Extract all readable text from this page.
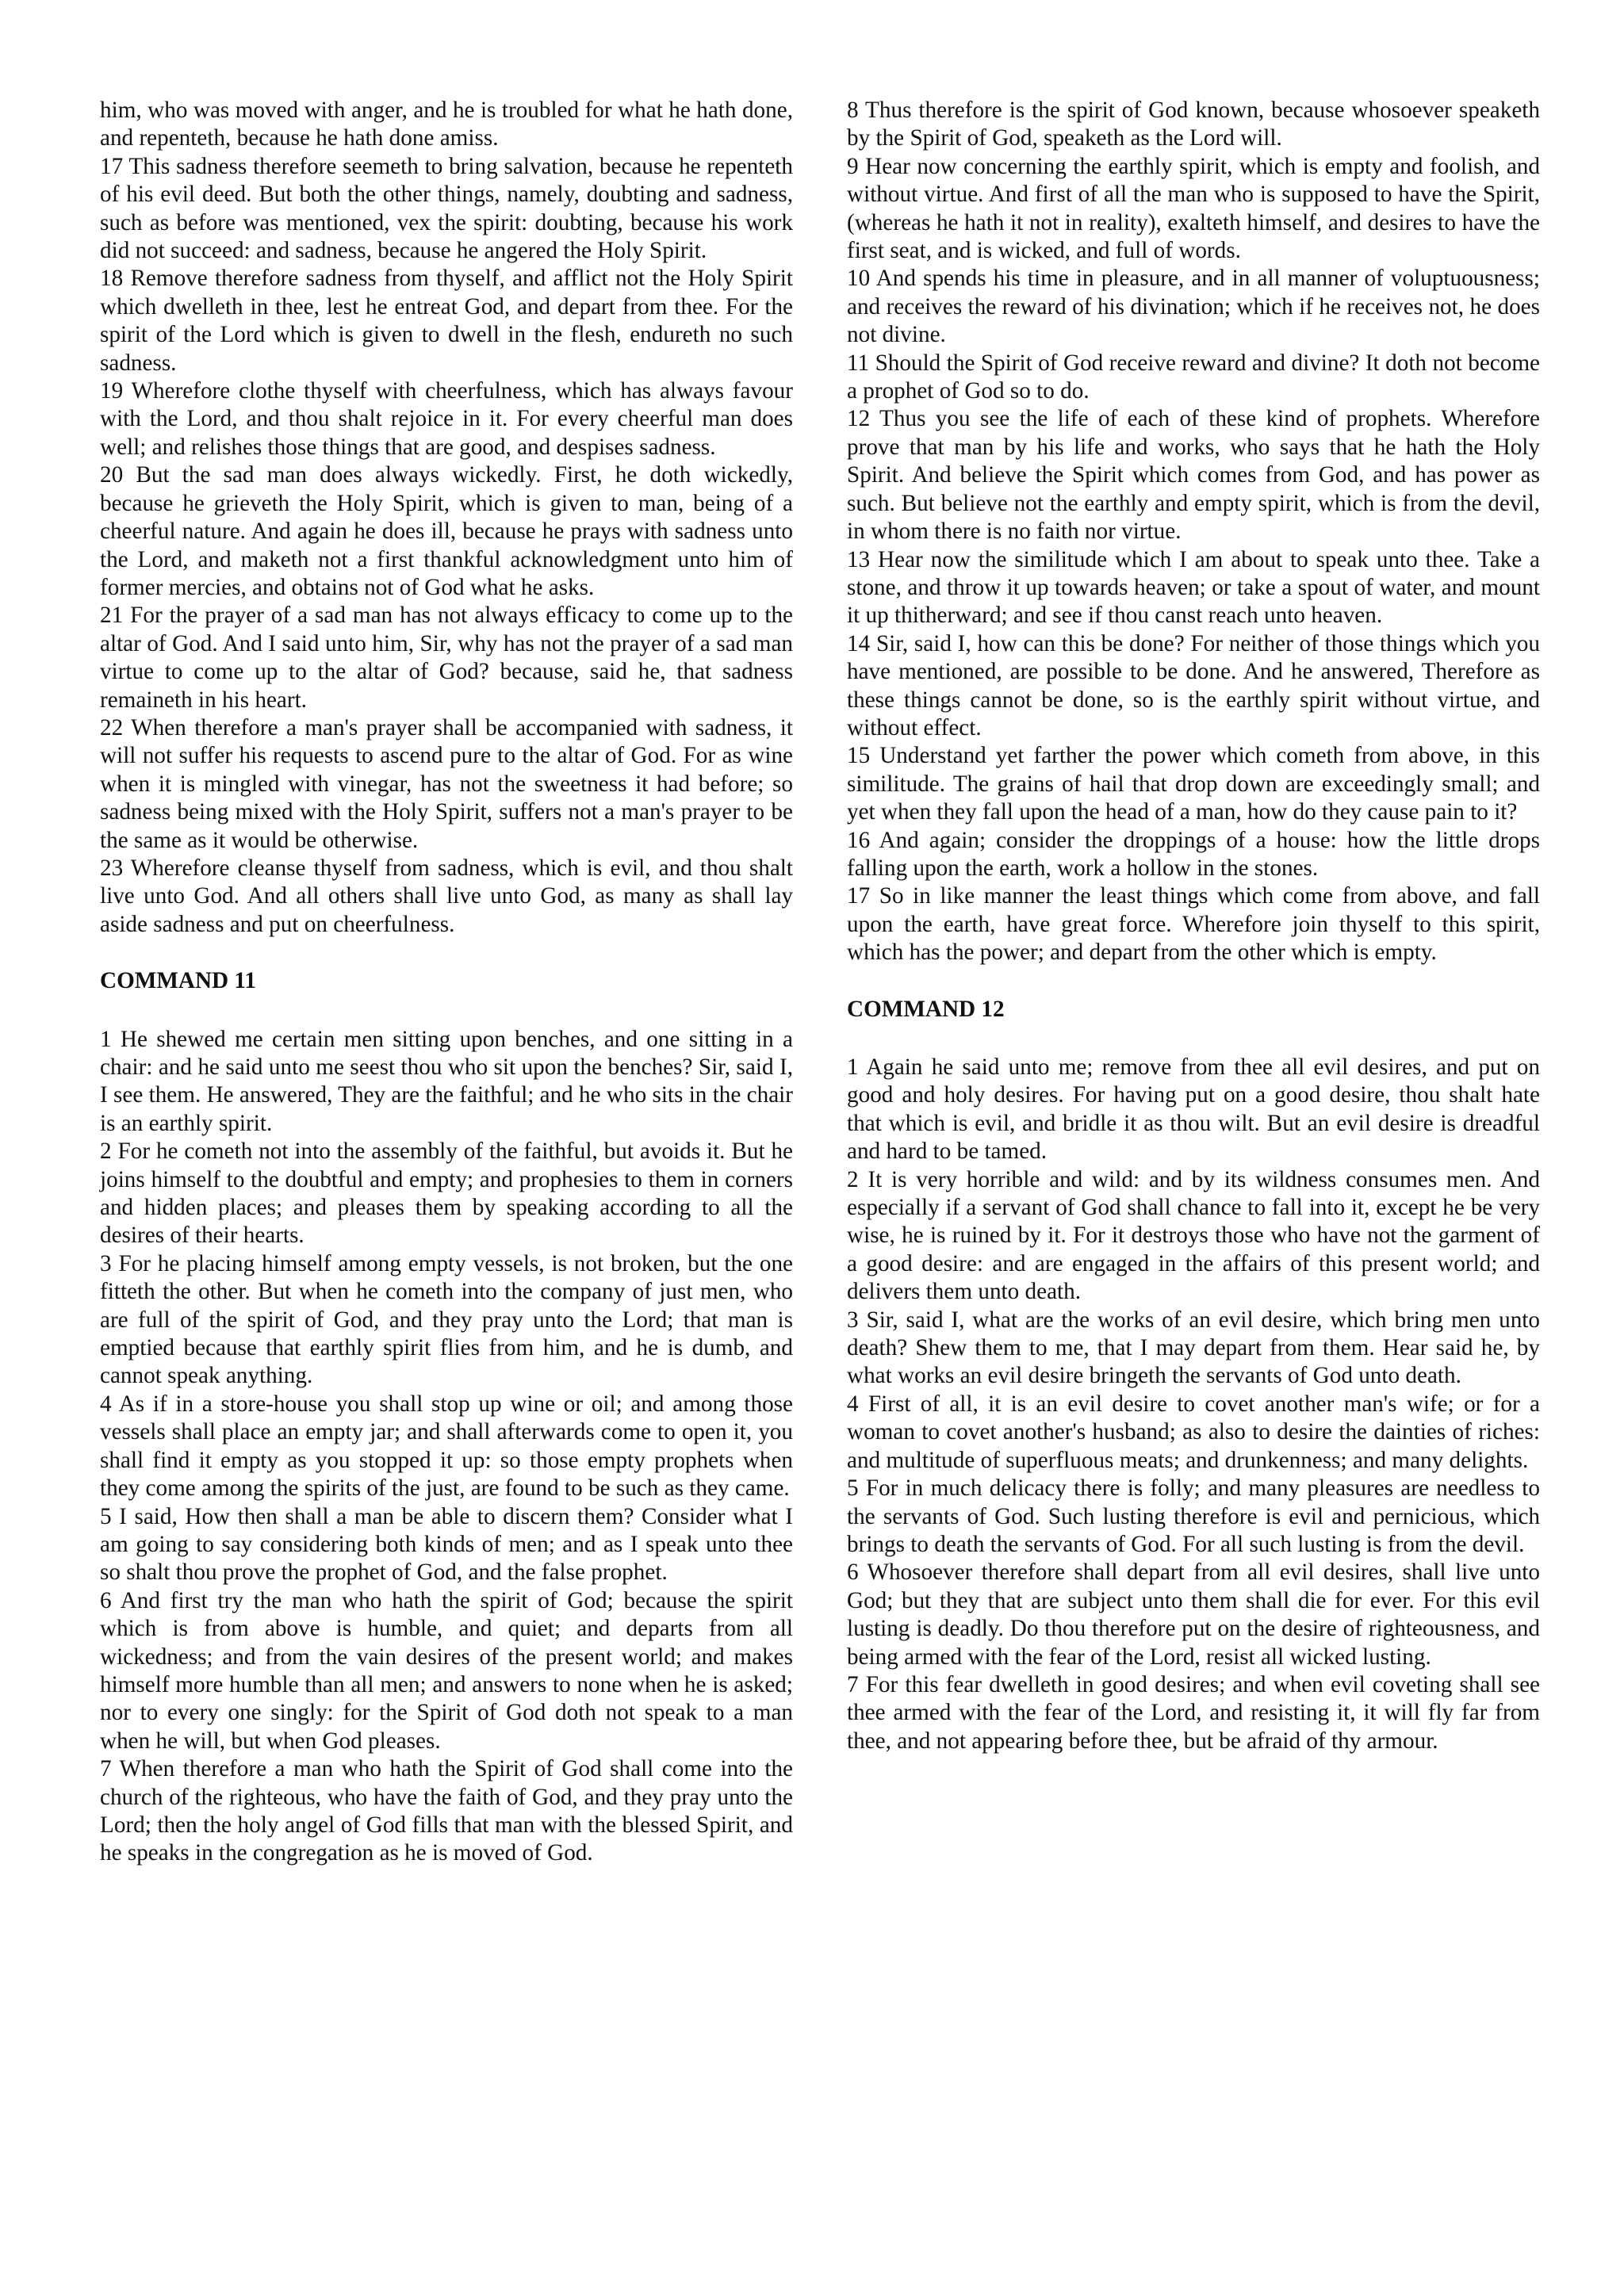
him, who was moved with anger, and he is troubled for what he hath done, and repenteth, because he hath done amiss.

17 This sadness therefore seemeth to bring salvation, because he repenteth of his evil deed. But both the other things, namely, doubting and sadness, such as before was mentioned, vex the spirit: doubting, because his work did not succeed: and sadness, because he angered the Holy Spirit.

18 Remove therefore sadness from thyself, and afflict not the Holy Spirit which dwelleth in thee, lest he entreat God, and depart from thee. For the spirit of the Lord which is given to dwell in the flesh, endureth no such sadness.

19 Wherefore clothe thyself with cheerfulness, which has always favour with the Lord, and thou shalt rejoice in it. For every cheerful man does well; and relishes those things that are good, and despises sadness.

20 But the sad man does always wickedly. First, he doth wickedly, because he grieveth the Holy Spirit, which is given to man, being of a cheerful nature. And again he does ill, because he prays with sadness unto the Lord, and maketh not a first thankful acknowledgment unto him of former mercies, and obtains not of God what he asks.

21 For the prayer of a sad man has not always efficacy to come up to the altar of God. And I said unto him, Sir, why has not the prayer of a sad man virtue to come up to the altar of God? because, said he, that sadness remaineth in his heart.

22 When therefore a man's prayer shall be accompanied with sadness, it will not suffer his requests to ascend pure to the altar of God. For as wine when it is mingled with vinegar, has not the sweetness it had before; so sadness being mixed with the Holy Spirit, suffers not a man's prayer to be the same as it would be otherwise.

23 Wherefore cleanse thyself from sadness, which is evil, and thou shalt live unto God. And all others shall live unto God, as many as shall lay aside sadness and put on cheerfulness.

COMMAND 11

1 He shewed me certain men sitting upon benches, and one sitting in a chair: and he said unto me seest thou who sit upon the benches? Sir, said I, I see them. He answered, They are the faithful; and he who sits in the chair is an earthly spirit.

2 For he cometh not into the assembly of the faithful, but avoids it. But he joins himself to the doubtful and empty; and prophesies to them in corners and hidden places; and pleases them by speaking according to all the desires of their hearts.

3 For he placing himself among empty vessels, is not broken, but the one fitteth the other. But when he cometh into the company of just men, who are full of the spirit of God, and they pray unto the Lord; that man is emptied because that earthly spirit flies from him, and he is dumb, and cannot speak anything.

4 As if in a store-house you shall stop up wine or oil; and among those vessels shall place an empty jar; and shall afterwards come to open it, you shall find it empty as you stopped it up: so those empty prophets when they come among the spirits of the just, are found to be such as they came.

5 I said, How then shall a man be able to discern them? Consider what I am going to say considering both kinds of men; and as I speak unto thee so shalt thou prove the prophet of God, and the false prophet.

6 And first try the man who hath the spirit of God; because the spirit which is from above is humble, and quiet; and departs from all wickedness; and from the vain desires of the present world; and makes himself more humble than all men; and answers to none when he is asked; nor to every one singly: for the Spirit of God doth not speak to a man when he will, but when God pleases.

7 When therefore a man who hath the Spirit of God shall come into the church of the righteous, who have the faith of God, and they pray unto the Lord; then the holy angel of God fills that man with the blessed Spirit, and he speaks in the congregation as he is moved of God.

8 Thus therefore is the spirit of God known, because whosoever speaketh by the Spirit of God, speaketh as the Lord will.

9 Hear now concerning the earthly spirit, which is empty and foolish, and without virtue. And first of all the man who is supposed to have the Spirit, (whereas he hath it not in reality), exalteth himself, and desires to have the first seat, and is wicked, and full of words.

10 And spends his time in pleasure, and in all manner of voluptuousness; and receives the reward of his divination; which if he receives not, he does not divine.

11 Should the Spirit of God receive reward and divine? It doth not become a prophet of God so to do.

12 Thus you see the life of each of these kind of prophets. Wherefore prove that man by his life and works, who says that he hath the Holy Spirit. And believe the Spirit which comes from God, and has power as such. But believe not the earthly and empty spirit, which is from the devil, in whom there is no faith nor virtue.

13 Hear now the similitude which I am about to speak unto thee. Take a stone, and throw it up towards heaven; or take a spout of water, and mount it up thitherward; and see if thou canst reach unto heaven.

14 Sir, said I, how can this be done? For neither of those things which you have mentioned, are possible to be done. And he answered, Therefore as these things cannot be done, so is the earthly spirit without virtue, and without effect.

15 Understand yet farther the power which cometh from above, in this similitude. The grains of hail that drop down are exceedingly small; and yet when they fall upon the head of a man, how do they cause pain to it?

16 And again; consider the droppings of a house: how the little drops falling upon the earth, work a hollow in the stones.

17 So in like manner the least things which come from above, and fall upon the earth, have great force. Wherefore join thyself to this spirit, which has the power; and depart from the other which is empty.

COMMAND 12

1 Again he said unto me; remove from thee all evil desires, and put on good and holy desires. For having put on a good desire, thou shalt hate that which is evil, and bridle it as thou wilt. But an evil desire is dreadful and hard to be tamed.

2 It is very horrible and wild: and by its wildness consumes men. And especially if a servant of God shall chance to fall into it, except he be very wise, he is ruined by it. For it destroys those who have not the garment of a good desire: and are engaged in the affairs of this present world; and delivers them unto death.

3 Sir, said I, what are the works of an evil desire, which bring men unto death? Shew them to me, that I may depart from them. Hear said he, by what works an evil desire bringeth the servants of God unto death.

4 First of all, it is an evil desire to covet another man's wife; or for a woman to covet another's husband; as also to desire the dainties of riches: and multitude of superfluous meats; and drunkenness; and many delights.

5 For in much delicacy there is folly; and many pleasures are needless to the servants of God. Such lusting therefore is evil and pernicious, which brings to death the servants of God. For all such lusting is from the devil.

6 Whosoever therefore shall depart from all evil desires, shall live unto God; but they that are subject unto them shall die for ever. For this evil lusting is deadly. Do thou therefore put on the desire of righteousness, and being armed with the fear of the Lord, resist all wicked lusting.

7 For this fear dwelleth in good desires; and when evil coveting shall see thee armed with the fear of the Lord, and resisting it, it will fly far from thee, and not appearing before thee, but be afraid of thy armour.
